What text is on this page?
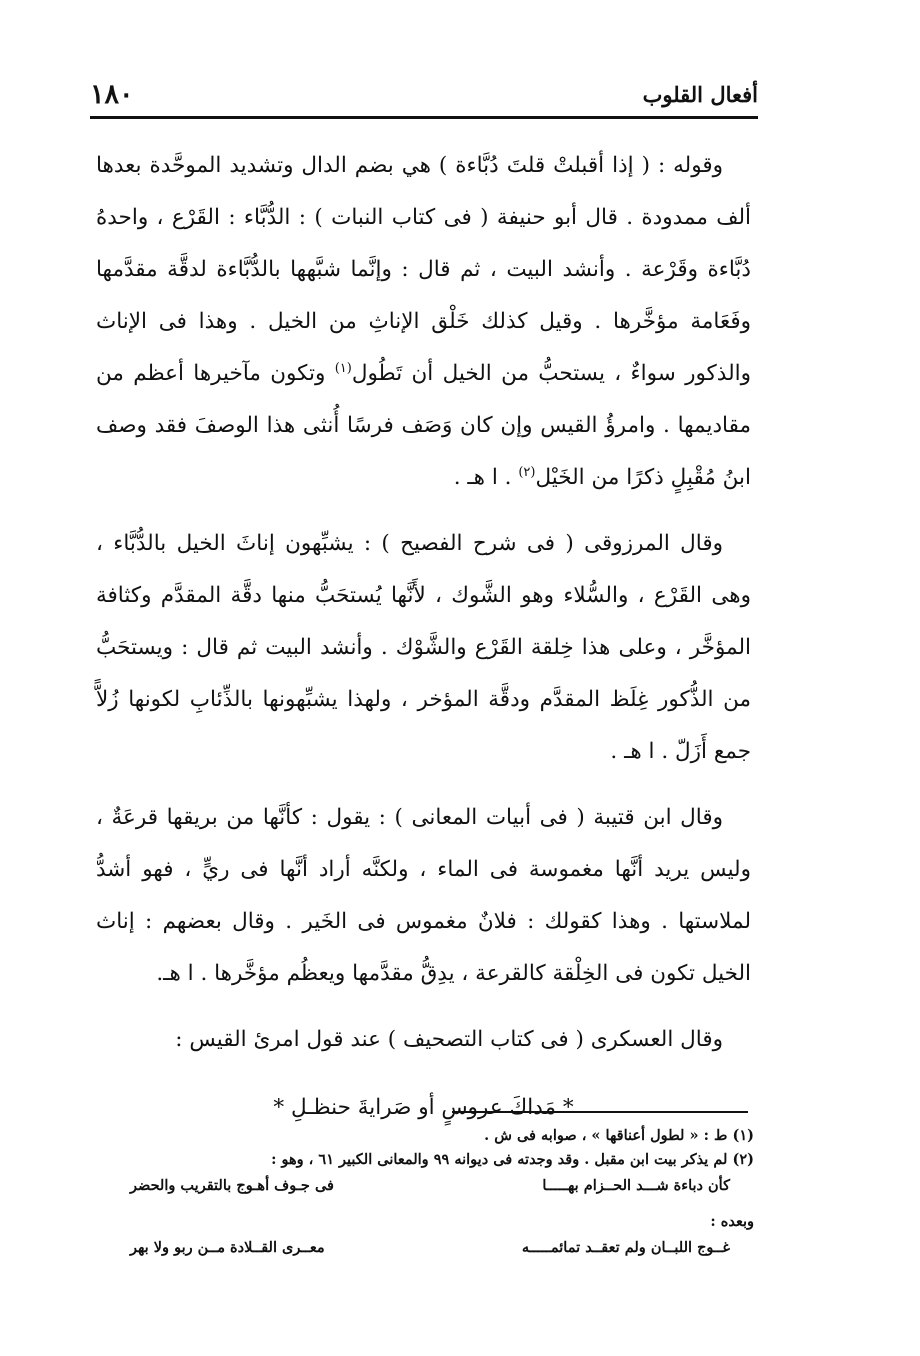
١٨٠	أفعال القلوب

وقوله : ( إذا أقبلتْ قلتَ دُبَّاءة ) هي بضم الدال وتشديد الموحَّدة بعدها ألف ممدودة . قال أبو حنيفة ( فى كتاب النبات ) : الدُّبَّاء : القَرْع ، واحدهُ دُبَّاءة وقَرْعة . وأنشد البيت ، ثم قال : وإنَّما شبَّهها بالدُّبَّاءة لدقَّة مقدَّمها وفَعَامة مؤخَّرها . وقيل كذلك خَلْق الإناثِ من الخيل . وهذا فى الإناث والذكور سواءٌ ، يستحبُّ من الخيل أن تَطُول$^{(١)}$ وتكون مآخيرها أعظم من مقاديمها . وامرؤُ القيس وإن كان وَصَف فرسًا أُنثى هذا الوصفَ فقد وصف ابنُ مُقْبِلٍ ذكرًا من الخَيْل$^{(٢)}$ . ا هـ .

وقال المرزوقى ( فى شرح الفصيح ) : يشبِّهون إناثَ الخيل بالدُّبَّاء ، وهى القَرْع ، والسُّلاء وهو الشَّوك ، لأَنَّها يُستحَبُّ منها دقَّة المقدَّم وكثافة المؤخَّر ، وعلى هذا خِلقة القَرْع والشَّوْك . وأنشد البيت ثم قال : ويستحَبُّ من الذُّكور غِلَظ المقدَّم ودقَّة المؤخر ، ولهذا يشبِّهونها بالذِّئابِ لكونها زُلاًّ جمع أَزَلّ . ا هـ .

وقال ابن قتيبة ( فى أبيات المعانى ) : يقول : كأنَّها من بريقها قرعَةٌ ، وليس يريد أنَّها مغموسة فى الماء ، ولكنَّه أراد أنَّها فى ريٍّ ، فهو أشدُّ لملاستها . وهذا كقولك : فلانٌ مغموس فى الخَير . وقال بعضهم : إناث الخيل تكون فى الخِلْقة كالقرعة ، يدِقُّ مقدَّمها ويعظُم مؤخَّرها . ا هـ.

وقال العسكرى ( فى كتاب التصحيف ) عند قول امرئ القيس :

* مَداكَ عروسٍ أو صَرايةَ حنظـلِ *

(١) ط : « لطول أعناقها » ، صوابه فى ش .

(٢) لم يذكر بيت ابن مقبل . وقد وجدته فى ديوانه ٩٩ والمعانى الكبير ٦١ ، وهو :

كأن دباءة شـــد الحــزام بهـــــا
فى جـوف أهـوج بالتقريب والحضر

وبعده :

غــوج اللبــان ولم تعقــد تمائمـــــه
معــرى القــلادة مــن ربو ولا بهر
